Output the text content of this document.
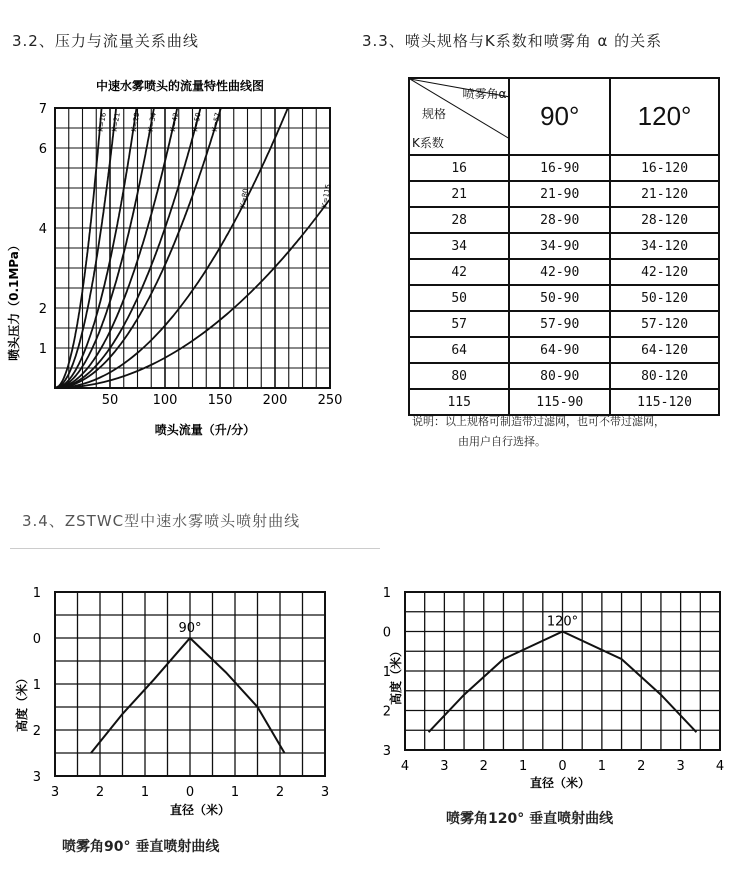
3.2、压力与流量关系曲线	3.3、喷头规格与K系数和喷雾角 α 的关系
3.4、ZSTWC型中速水雾喷头喷射曲线
中速水雾喷头的流量特性曲线图
K=16 K=21 K=28 K=34 K=42 K=50 K=57
K=80	K=115
50	100 150 200 250
1
2
4
6
7
喷头压力（0.1MPa）
喷头流量（升/分）
喷雾角α
规格
K系数	90°	120°
16	16-90	16-120
21	21-90	21-120
28	28-90	28-120
34	34-90	34-120
42	42-90	42-120
50	50-90	50-120
57	57-90	57-120
64	64-90	64-120
80	80-90	80-120
115	115-90	115-120
说明：以上规格可制造带过滤网，也可不带过滤网，
由用户自行选择。
3	2	1	0	1	2	3
1
0
1
2
3
90°
高度（米）
直径（米）
喷雾角90° 垂直喷射曲线
4 3 2 1 0 1 2 3 4
1
0
1
2
3
120°
高度（米）
直径（米）
喷雾角120° 垂直喷射曲线
